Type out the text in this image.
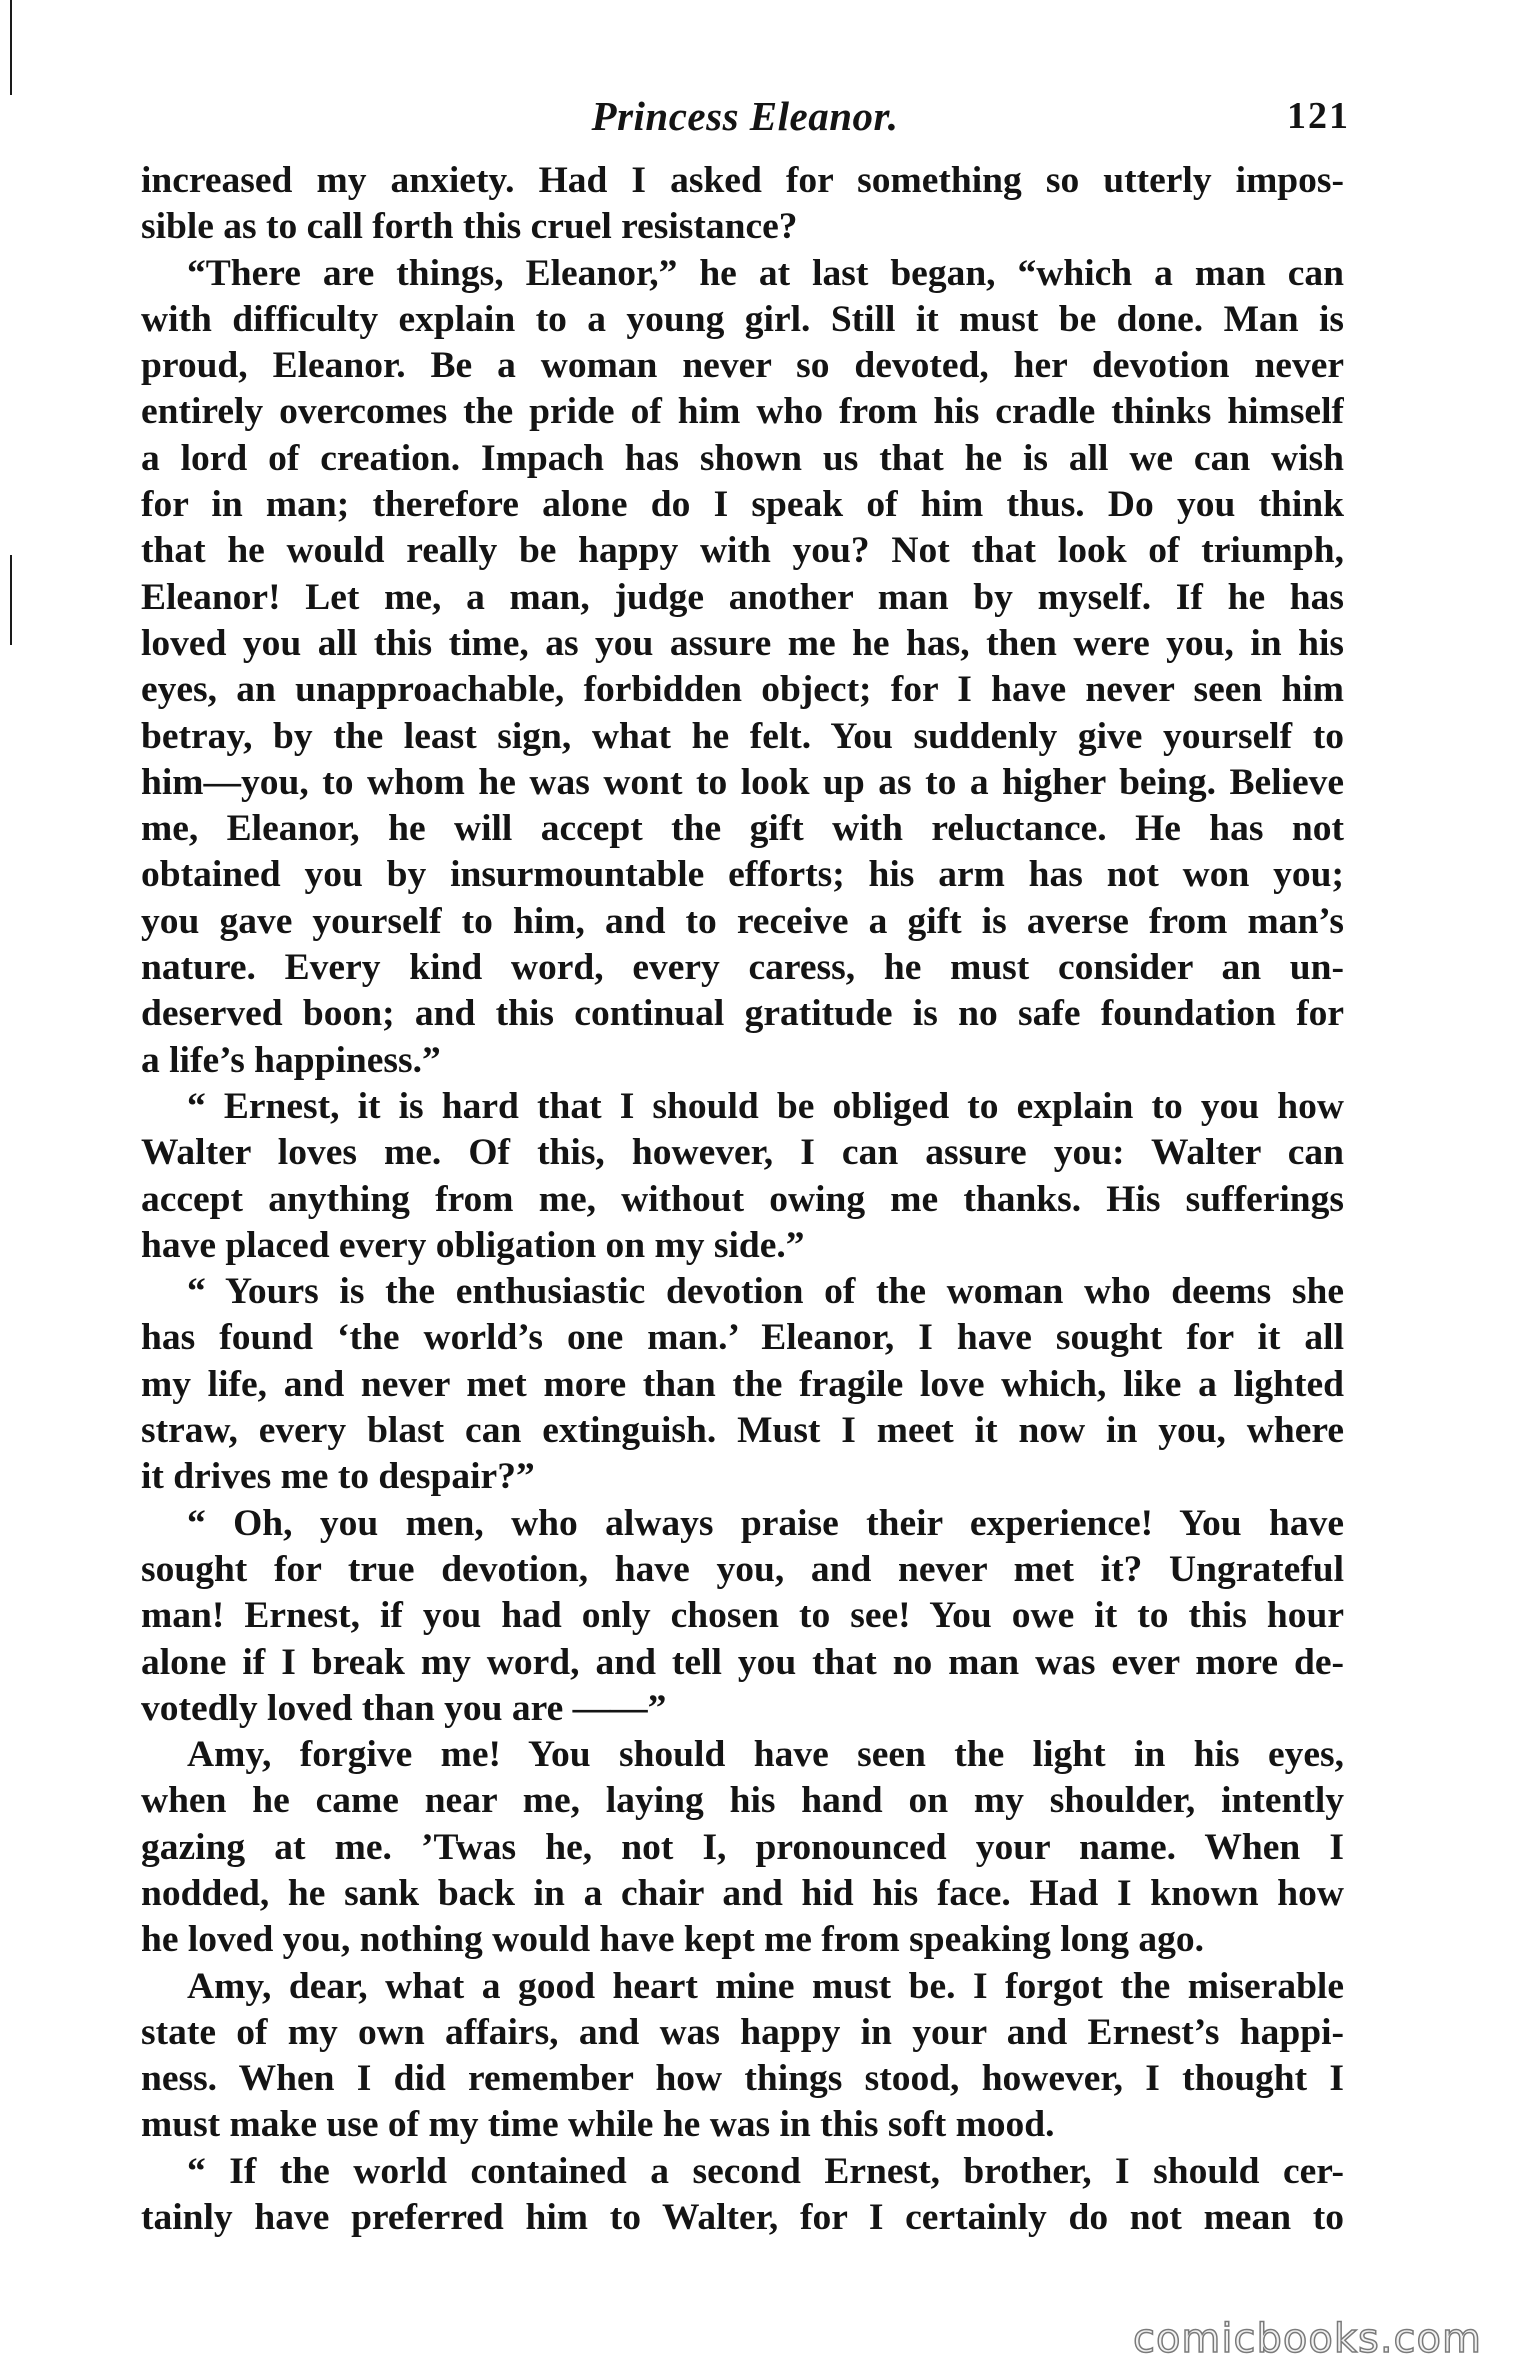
Princess Eleanor.	121
increased my anxiety. Had I asked for something so utterly impos-
sible as to call forth this cruel resistance?
“There are things, Eleanor,” he at last began, “which a man can
with difficulty explain to a young girl. Still it must be done. Man is
proud, Eleanor. Be a woman never so devoted, her devotion never
entirely overcomes the pride of him who from his cradle thinks himself
a lord of creation. Impach has shown us that he is all we can wish
for in man; therefore alone do I speak of him thus. Do you think
that he would really be happy with you? Not that look of triumph,
Eleanor! Let me, a man, judge another man by myself. If he has
loved you all this time, as you assure me he has, then were you, in his
eyes, an unapproachable, forbidden object; for I have never seen him
betray, by the least sign, what he felt. You suddenly give yourself to
him—you, to whom he was wont to look up as to a higher being. Believe
me, Eleanor, he will accept the gift with reluctance. He has not
obtained you by insurmountable efforts; his arm has not won you;
you gave yourself to him, and to receive a gift is averse from man’s
nature. Every kind word, every caress, he must consider an un-
deserved boon; and this continual gratitude is no safe foundation for
a life’s happiness.”
“ Ernest, it is hard that I should be obliged to explain to you how
Walter loves me. Of this, however, I can assure you: Walter can
accept anything from me, without owing me thanks. His sufferings
have placed every obligation on my side.”
“ Yours is the enthusiastic devotion of the woman who deems she
has found ‘the world’s one man.’ Eleanor, I have sought for it all
my life, and never met more than the fragile love which, like a lighted
straw, every blast can extinguish. Must I meet it now in you, where
it drives me to despair?”
“ Oh, you men, who always praise their experience! You have
sought for true devotion, have you, and never met it? Ungrateful
man! Ernest, if you had only chosen to see! You owe it to this hour
alone if I break my word, and tell you that no man was ever more de-
votedly loved than you are ——”
Amy, forgive me! You should have seen the light in his eyes,
when he came near me, laying his hand on my shoulder, intently
gazing at me. ’Twas he, not I, pronounced your name. When I
nodded, he sank back in a chair and hid his face. Had I known how
he loved you, nothing would have kept me from speaking long ago.
Amy, dear, what a good heart mine must be. I forgot the miserable
state of my own affairs, and was happy in your and Ernest’s happi-
ness. When I did remember how things stood, however, I thought I
must make use of my time while he was in this soft mood.
“ If the world contained a second Ernest, brother, I should cer-
tainly have preferred him to Walter, for I certainly do not mean to
comicbooks.com
